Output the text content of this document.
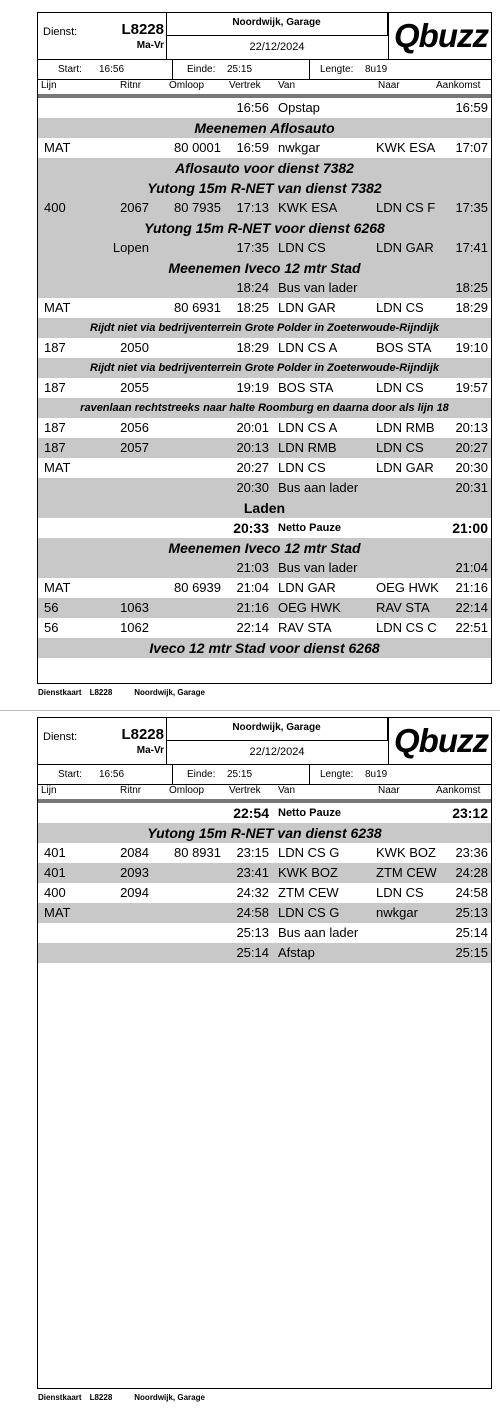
Dienst:	L8228
Ma-Vr
Noordwijk, Garage
22/12/2024	Qbuzz
Start: 16:56	Einde: 25:15	Lengte: 8u19
Lijn	Ritnr	Omloop Vertrek Van	Naar	Aankomst
16:56 Opstap	16:59
Meenemen Aflosauto
MAT	80 0001 16:59 nwkgar	KWK ESA 17:07
Aflosauto voor dienst 7382
Yutong 15m R-NET van dienst 7382
400	2067 80 7935 17:13 KWK ESA	LDN CS F 17:35
Yutong 15m R-NET voor dienst 6268
Lopen	17:35 LDN CS	LDN GAR 17:41
Meenemen Iveco 12 mtr Stad
18:24 Bus van lader	18:25
MAT	80 6931 18:25 LDN GAR	LDN CS 18:29
Rijdt niet via bedrijventerrein Grote Polder in Zoeterwoude-Rijndijk
187	2050	18:29 LDN CS A	BOS STA 19:10
Rijdt niet via bedrijventerrein Grote Polder in Zoeterwoude-Rijndijk
187	2055	19:19 BOS STA	LDN CS 19:57
ravenlaan rechtstreeks naar halte Roomburg en daarna door als lijn 18
187	2056	20:01 LDN CS A	LDN RMB 20:13
187	2057	20:13 LDN RMB	LDN CS 20:27
MAT	20:27 LDN CS	LDN GAR 20:30
20:30 Bus aan lader	20:31
Laden
20:33 Netto Pauze	21:00
Meenemen Iveco 12 mtr Stad
21:03 Bus van lader	21:04
MAT	80 6939 21:04 LDN GAR	OEG HWK 21:16
56	1063	21:16 OEG HWK	RAV STA 22:14
56	1062	22:14 RAV STA	LDN CS C 22:51
Iveco 12 mtr Stad voor dienst 6268
Dienstkaart L8228	Noordwijk, Garage
Dienst:	L8228
Ma-Vr
Noordwijk, Garage
22/12/2024	Qbuzz
Start: 16:56	Einde: 25:15	Lengte: 8u19
Lijn	Ritnr	Omloop Vertrek Van	Naar	Aankomst
22:54 Netto Pauze	23:12
Yutong 15m R-NET van dienst 6238
401	2084 80 8931 23:15 LDN CS G	KWK BOZ 23:36
401	2093	23:41 KWK BOZ	ZTM CEW 24:28
400	2094	24:32 ZTM CEW	LDN CS 24:58
MAT	24:58 LDN CS G	nwkgar	25:13
25:13 Bus aan lader	25:14
25:14 Afstap	25:15
Dienstkaart L8228	Noordwijk, Garage
